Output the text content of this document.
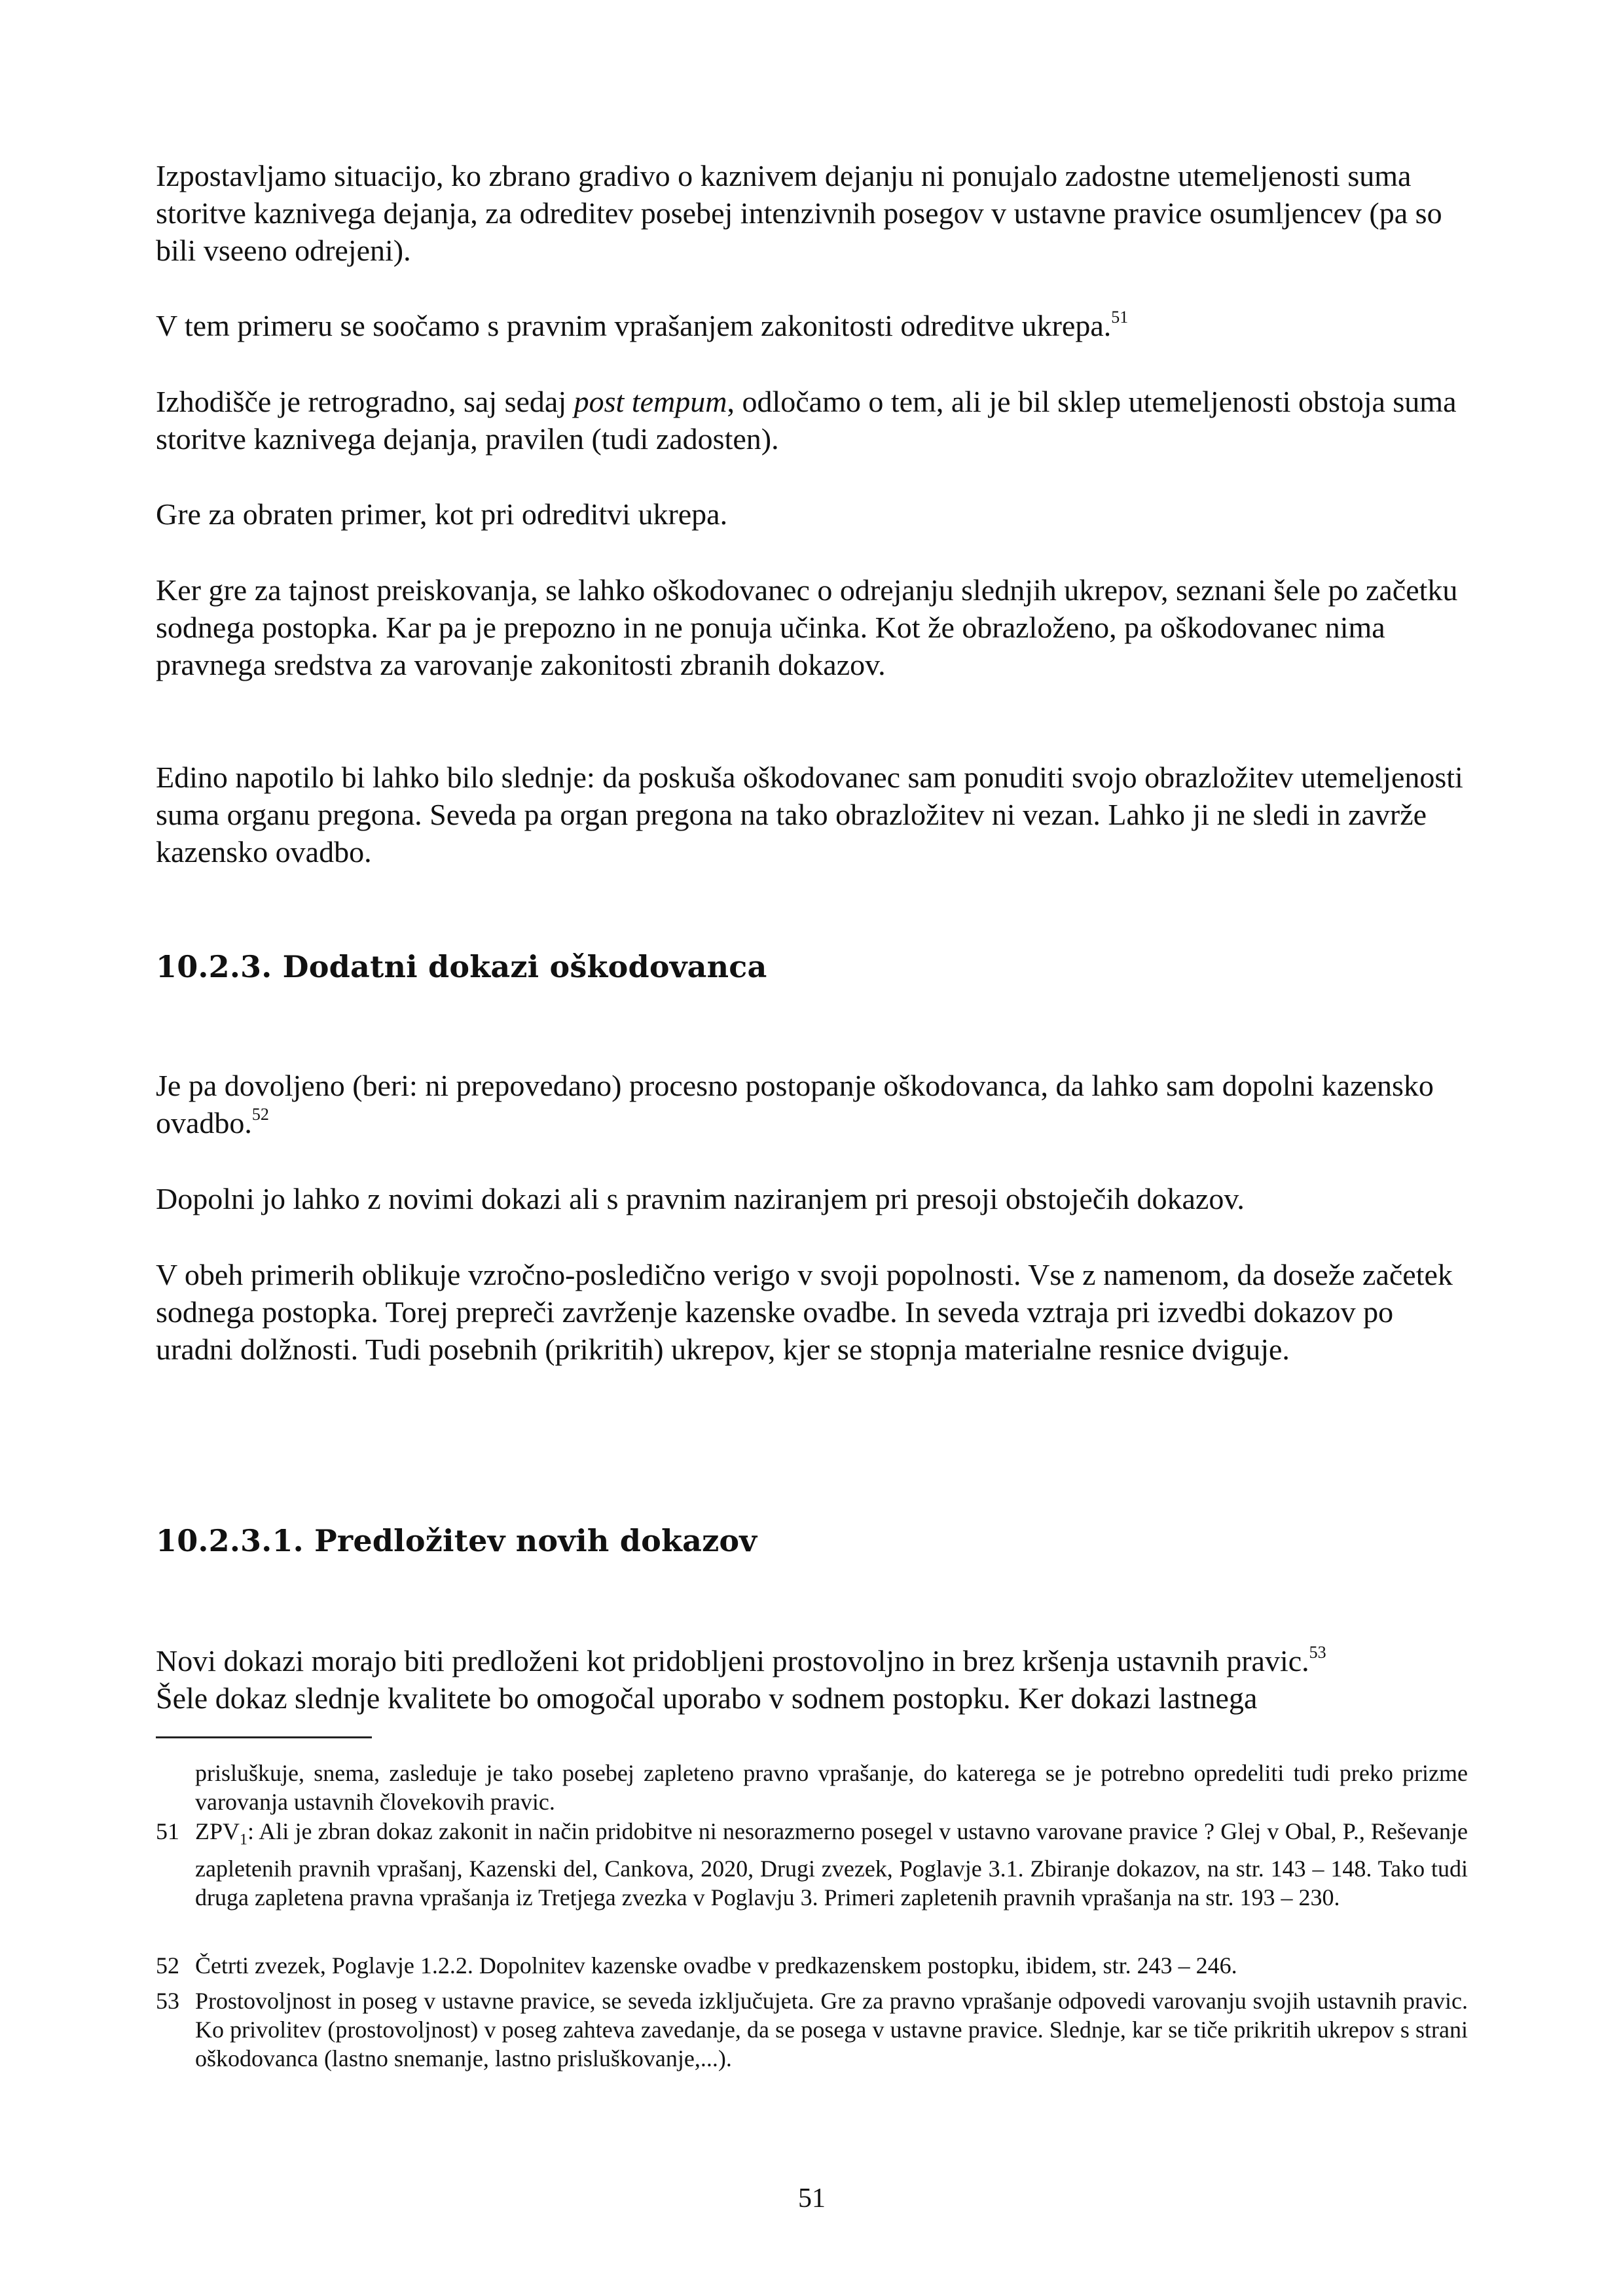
Izpostavljamo situacijo, ko zbrano gradivo o kaznivem dejanju ni ponujalo zadostne utemeljenosti suma storitve kaznivega dejanja, za odreditev posebej intenzivnih posegov v ustavne pravice osumljencev (pa so bili vseeno odrejeni).

V tem primeru se soočamo s pravnim vprašanjem zakonitosti odreditve ukrepa.$^{51}$

Izhodišče je retrogradno, saj sedaj post tempum, odločamo o tem, ali je bil sklep utemeljenosti obstoja suma storitve kaznivega dejanja, pravilen (tudi zadosten).

Gre za obraten primer, kot pri odreditvi ukrepa.

Ker gre za tajnost preiskovanja, se lahko oškodovanec o odrejanju slednjih ukrepov, seznani šele po začetku sodnega postopka. Kar pa je prepozno in ne ponuja učinka. Kot že obrazloženo, pa oškodovanec nima pravnega sredstva za varovanje zakonitosti zbranih dokazov.

Edino napotilo bi lahko bilo slednje: da poskuša oškodovanec sam ponuditi svojo obrazložitev utemeljenosti suma organu pregona. Seveda pa organ pregona na tako obrazložitev ni vezan. Lahko ji ne sledi in zavrže kazensko ovadbo.

10.2.3. Dodatni dokazi oškodovanca

Je pa dovoljeno (beri: ni prepovedano) procesno postopanje oškodovanca, da lahko sam dopolni kazensko ovadbo.$^{52}$

Dopolni jo lahko z novimi dokazi ali s pravnim naziranjem pri presoji obstoječih dokazov.

V obeh primerih oblikuje vzročno-posledično verigo v svoji popolnosti. Vse z namenom, da doseže začetek sodnega postopka. Torej prepreči zavrženje kazenske ovadbe. In seveda vztraja pri izvedbi dokazov po uradni dolžnosti. Tudi posebnih (prikritih) ukrepov, kjer se stopnja materialne resnice dviguje.

10.2.3.1. Predložitev novih dokazov

Novi dokazi morajo biti predloženi kot pridobljeni prostovoljno in brez kršenja ustavnih pravic.$^{53}$
Šele dokaz slednje kvalitete bo omogočal uporabo v sodnem postopku. Ker dokazi lastnega

prisluškuje, snema, zasleduje je tako posebej zapleteno pravno vprašanje, do katerega se je potrebno opredeliti tudi preko prizme varovanja ustavnih človekovih pravic.
51 $ZPV_1$: Ali je zbran dokaz zakonit in način pridobitve ni nesorazmerno posegel v ustavno varovane pravice ? Glej v Obal, P., Reševanje zapletenih pravnih vprašanj, Kazenski del, Cankova, 2020, Drugi zvezek, Poglavje 3.1. Zbiranje dokazov, na str. 143 – 148. Tako tudi druga zapletena pravna vprašanja iz Tretjega zvezka v Poglavju 3. Primeri zapletenih pravnih vprašanja na str. 193 – 230.
52 Četrti zvezek, Poglavje 1.2.2. Dopolnitev kazenske ovadbe v predkazenskem postopku, ibidem, str. 243 – 246.
53 Prostovoljnost in poseg v ustavne pravice, se seveda izključujeta. Gre za pravno vprašanje odpovedi varovanju svojih ustavnih pravic. Ko privolitev (prostovoljnost) v poseg zahteva zavedanje, da se posega v ustavne pravice. Slednje, kar se tiče prikritih ukrepov s strani oškodovanca (lastno snemanje, lastno prisluškovanje,...).
51
